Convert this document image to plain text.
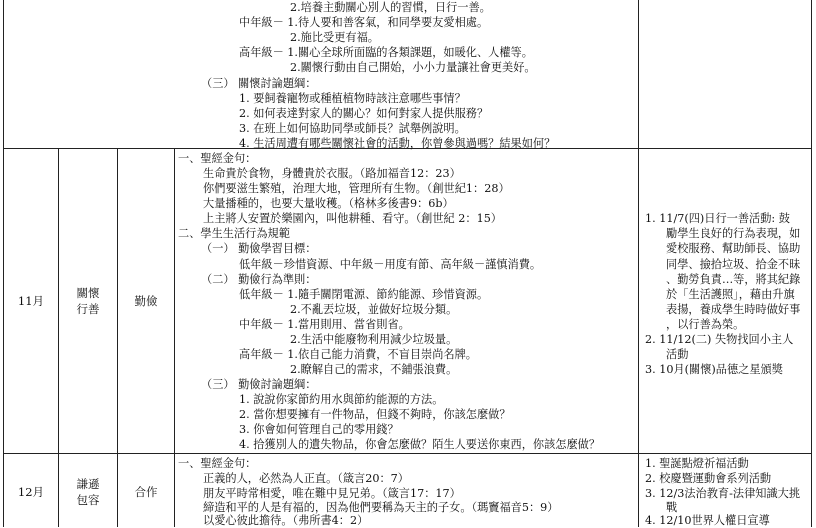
2.培養主動關心別人的習慣，日行一善。
中年級－ 1.待人要和善客氣，和同學要友愛相處。
2.施比受更有福。
高年級－ 1.關心全球所面臨的各類課題，如暖化、人權等。
2.關懷行動由自己開始，小小力量讓社會更美好。
（三） 關懷討論題綱：
1. 要飼養寵物或種植植物時該注意哪些事情？
2. 如何表達對家人的關心？如何對家人提供服務？
3. 在班上如何協助同學或師長？試舉例說明。
4. 生活周遭有哪些關懷社會的活動，你曾參與過嗎？結果如何？
11月
關懷
行善
勤儉
一、聖經金句：
生命貴於食物，身體貴於衣服。（路加福音12：23）
你們要滋生繁殖，治理大地，管理所有生物。（創世紀1：28）
大量播種的，也要大量收穫。（格林多後書9：6b）
上主將人安置於樂園內，叫他耕種、看守。（創世紀 2：15）
二、學生生活行為規範
（一） 勤儉學習目標：
低年級－珍惜資源、中年級－用度有節、高年級－謹慎消費。
（二） 勤儉行為準則：
低年級－ 1.隨手關閉電源、節約能源、珍惜資源。
2.不亂丟垃圾，並做好垃圾分類。
中年級－ 1.當用則用、當省則省。
2.生活中能廢物利用減少垃圾量。
高年級－ 1.依自己能力消費，不盲目崇尚名牌。
2.瞭解自己的需求，不鋪張浪費。
（三） 勤儉討論題綱：
1. 說說你家節約用水與節約能源的方法。
2. 當你想要擁有一件物品，但錢不夠時，你該怎麼做？
3. 你會如何管理自己的零用錢？
4. 拾獲別人的遺失物品，你會怎麼做？陌生人要送你東西，你該怎麼做？
1. 11/7(四)日行一善活動: 鼓
勵學生良好的行為表現，如
愛校服務、幫助師長、協助
同學、撿拾垃圾、拾金不昧
、勤勞負責…等，將其紀錄
於「生活護照」，藉由升旗
表揚，養成學生時時做好事
，以行善為榮。
2. 11/12(二) 失物找回小主人
活動
3. 10月(關懷)品德之星頒獎
12月
謙遜
包容
合作
一、聖經金句：
正義的人，必然為人正直。（箴言20：7）
朋友平時常相愛，唯在難中見兄弟。（箴言17：17）
締造和平的人是有福的，因為他們要稱為天主的子女。（瑪竇福音5：9）
以愛心彼此擔待。（弗所書4：2）
1. 聖誕點燈祈福活動
2. 校慶暨運動會系列活動
3. 12/3法治教育-法律知識大挑
戰
4. 12/10世界人權日宣導
